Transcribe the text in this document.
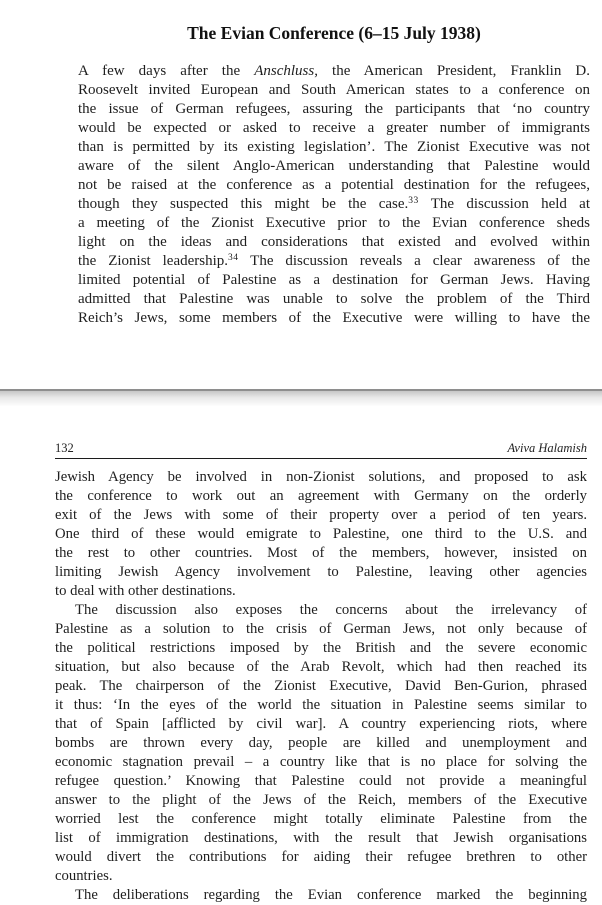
The Evian Conference (6–15 July 1938)
A few days after the Anschluss, the American President, Franklin D.
Roosevelt invited European and South American states to a conference on
the issue of German refugees, assuring the participants that ‘no country
would be expected or asked to receive a greater number of immigrants
than is permitted by its existing legislation’. The Zionist Executive was not
aware of the silent Anglo-American understanding that Palestine would
not be raised at the conference as a potential destination for the refugees,
though they suspected this might be the case.$^{33}$ The discussion held at
a meeting of the Zionist Executive prior to the Evian conference sheds
light on the ideas and considerations that existed and evolved within
the Zionist leadership.$^{34}$ The discussion reveals a clear awareness of the
limited potential of Palestine as a destination for German Jews. Having
admitted that Palestine was unable to solve the problem of the Third
Reich’s Jews, some members of the Executive were willing to have the
132	Aviva Halamish
Jewish Agency be involved in non-Zionist solutions, and proposed to ask
the conference to work out an agreement with Germany on the orderly
exit of the Jews with some of their property over a period of ten years.
One third of these would emigrate to Palestine, one third to the U.S. and
the rest to other countries. Most of the members, however, insisted on
limiting Jewish Agency involvement to Palestine, leaving other agencies
to deal with other destinations.
The discussion also exposes the concerns about the irrelevancy of
Palestine as a solution to the crisis of German Jews, not only because of
the political restrictions imposed by the British and the severe economic
situation, but also because of the Arab Revolt, which had then reached its
peak. The chairperson of the Zionist Executive, David Ben-Gurion, phrased
it thus: ‘In the eyes of the world the situation in Palestine seems similar to
that of Spain [afflicted by civil war]. A country experiencing riots, where
bombs are thrown every day, people are killed and unemployment and
economic stagnation prevail – a country like that is no place for solving the
refugee question.’ Knowing that Palestine could not provide a meaningful
answer to the plight of the Jews of the Reich, members of the Executive
worried lest the conference might totally eliminate Palestine from the
list of immigration destinations, with the result that Jewish organisations
would divert the contributions for aiding their refugee brethren to other
countries.
The deliberations regarding the Evian conference marked the beginning
